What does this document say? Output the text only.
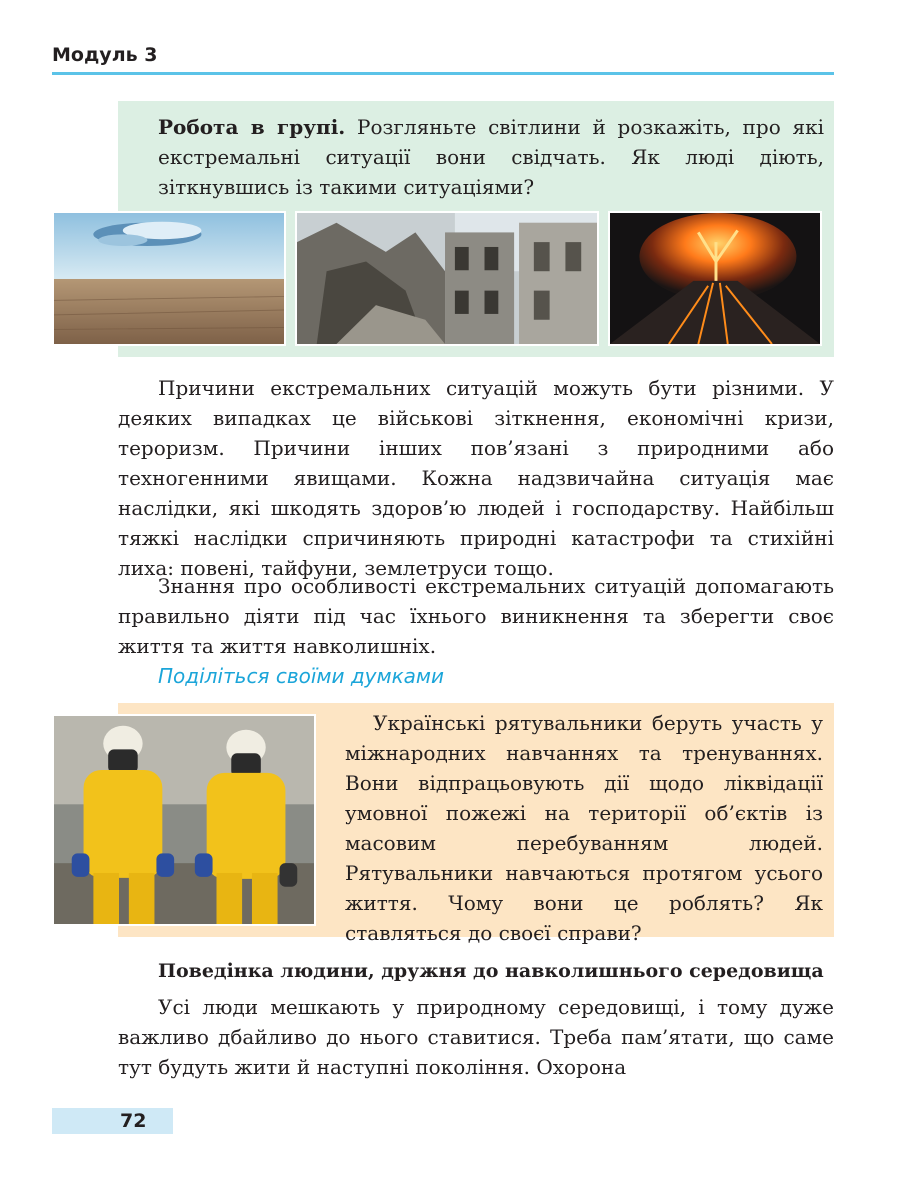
Модуль 3
Робота в групі. Розгляньте світлини й розкажіть, про які екстремальні ситуації вони свідчать. Як люді діють, зіткнувшись із такими ситуаціями?
Причини екстремальних ситуацій можуть бути різними. У деяких випадках це військові зіткнення, економічні кризи, тероризм. Причини інших пов’язані з природними або техногенними явищами. Кожна надзвичайна ситуація має наслідки, які шкодять здоров’ю людей і господарству. Найбільш тяжкі наслідки спричиняють природні катастрофи та стихійні лиха: повені, тайфуни, землетруси тощо.
Знання про особливості екстремальних ситуацій допомагають правильно діяти під час їхнього виникнення та зберегти своє життя та життя навколишніх.
Поділіться своїми думками
Українські рятувальники беруть участь у міжнародних навчаннях та тренуваннях. Вони відпрацьовують дії щодо ліквідації умовної пожежі на території об’єктів із масовим перебуванням людей. Рятувальники навчаються протягом усього життя. Чому вони це роблять? Як ставляться до своєї справи?
Поведінка людини, дружня до навколишнього середовища
Усі люди мешкають у природному середовищі, і тому дуже важливо дбайливо до нього ставитися. Треба пам’ятати, що саме тут будуть жити й наступні покоління. Охорона
72
